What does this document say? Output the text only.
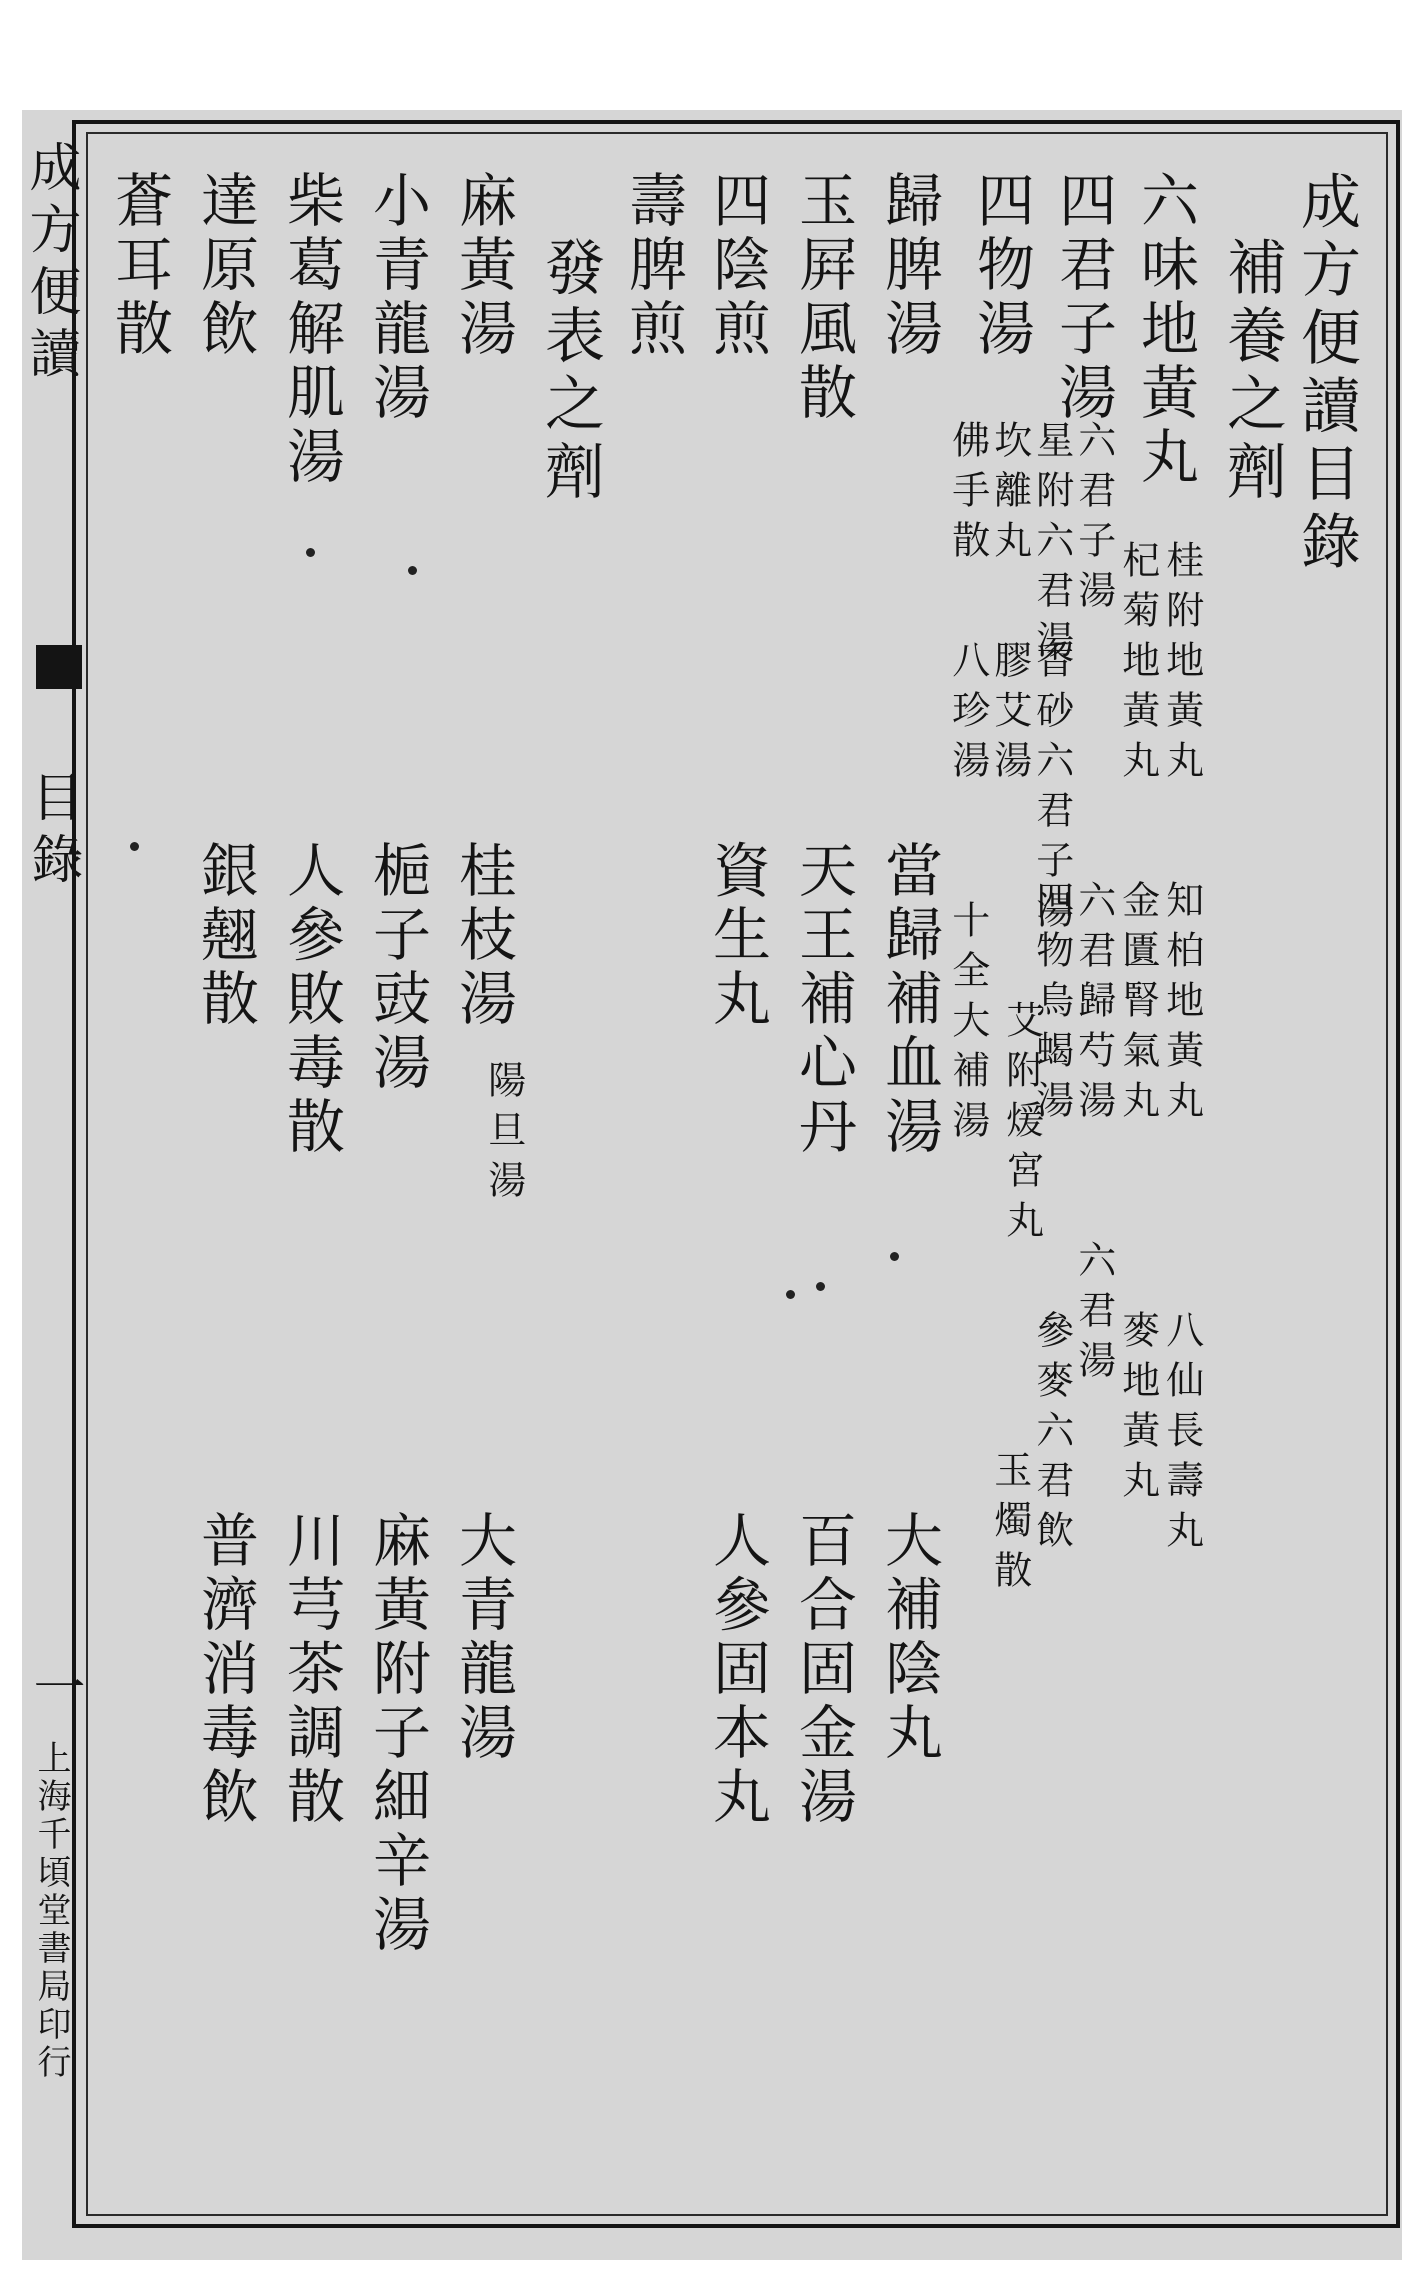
成方便讀
目錄
一
上海千頃堂書局印行
成方便讀目錄
補養之劑
六味地黃丸
四君子湯
四物湯
歸脾湯
玉屛風散
四陰煎
壽脾煎
桂附地黃丸
杞菊地黃丸
六君子湯
香砂六君子湯
星附六君湯
坎離丸
佛手散
膠艾湯
八珍湯
四物烏蝎湯
十全大補湯 艾附煖宮丸	知柏地黃丸
金匱腎氣丸
六君歸芍湯
六君湯 八仙長壽丸
麥地黃丸
參麥六君飲
玉燭散
當歸補血湯
天王補心丹
資生丸
大補陰丸
百合固金湯
人參固本丸
發表之劑
麻黃湯
小青龍湯
柴葛解肌湯
達原飲
蒼耳散
桂枝湯
陽旦湯
梔子豉湯
人參敗毒散
銀翹散
大青龍湯
麻黃附子細辛湯
川芎茶調散
普濟消毒飲
